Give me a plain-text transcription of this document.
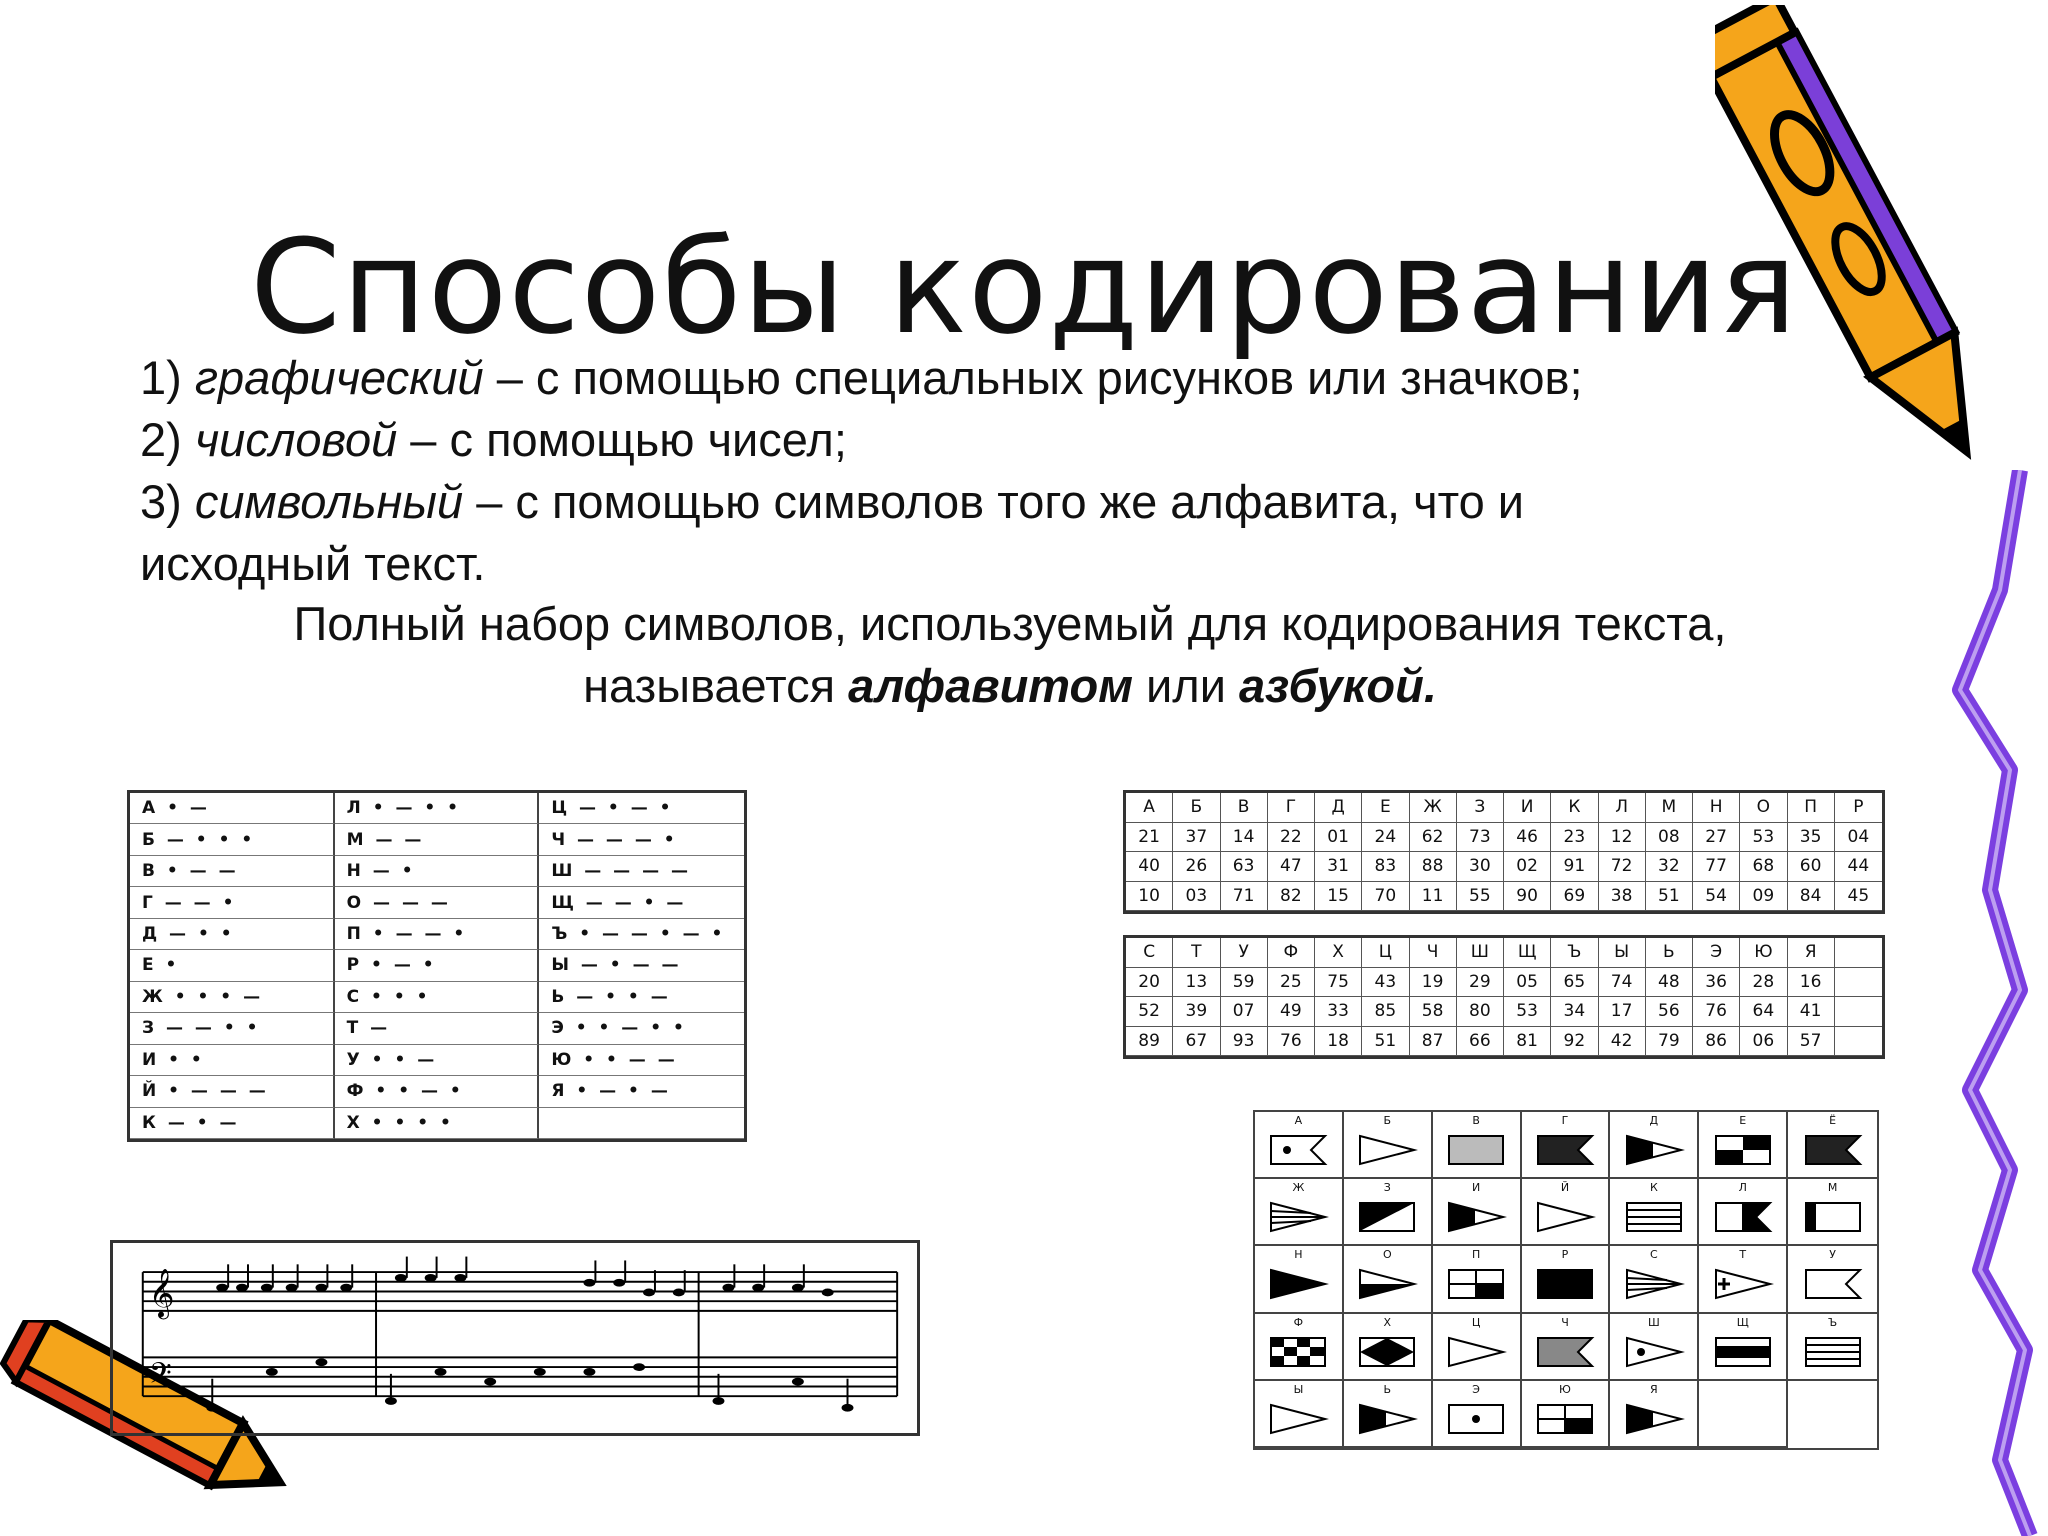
Способы кодирования
1) графический – с помощью специальных рисунков или значков;
2) числовой – с помощью чисел;
3) символьный – с помощью символов того же алфавита, что и
исходный текст.
Полный набор символов, используемый для кодирования текста,
называется алфавитом или азбукой.
А • —	Л • — • •	Ц — • — •
Б — • • •	М — —	Ч — — — •
В • — —	Н — •	Ш — — — —
Г — — •	О — — —	Щ — — • —
Д — • •	П • — — •	Ъ • — — • — •
Е •	Р • — •	Ы — • — —
Ж • • • —	С • • •	Ь — • • —
З — — • •	Т —	Э • • — • •
И • •	У • • —	Ю • • — —
Й • — — —	Ф • • — •	Я • — • —
К — • —	Х • • • •
А	Б	В	Г	Д	Е	Ж	З	И	К	Л	М	Н	О	П	Р
21	37	14	22	01	24	62	73	46	23	12	08	27	53	35	04
40	26	63	47	31	83	88	30	02	91	72	32	77	68	60	44
10	03	71	82	15	70	11	55	90	69	38	51	54	09	84	45
С	Т	У	Ф	Х	Ц	Ч	Ш	Щ	Ъ	Ы	Ь	Э	Ю	Я
20	13	59	25	75	43	19	29	05	65	74	48	36	28	16
52	39	07	49	33	85	58	80	53	34	17	56	76	64	41
89	67	93	76	18	51	87	66	81	92	42	79	86	06	57
А	Б	В	Г	Д	Е	Ё
Ж	З	И	Й	К	Л	М
Н	О	П	Р	С	Т	У
Ф	Х	Ц	Ч	Ш	Щ	Ъ
Ы	Ь	Э	Ю	Я
𝄞
𝄢
